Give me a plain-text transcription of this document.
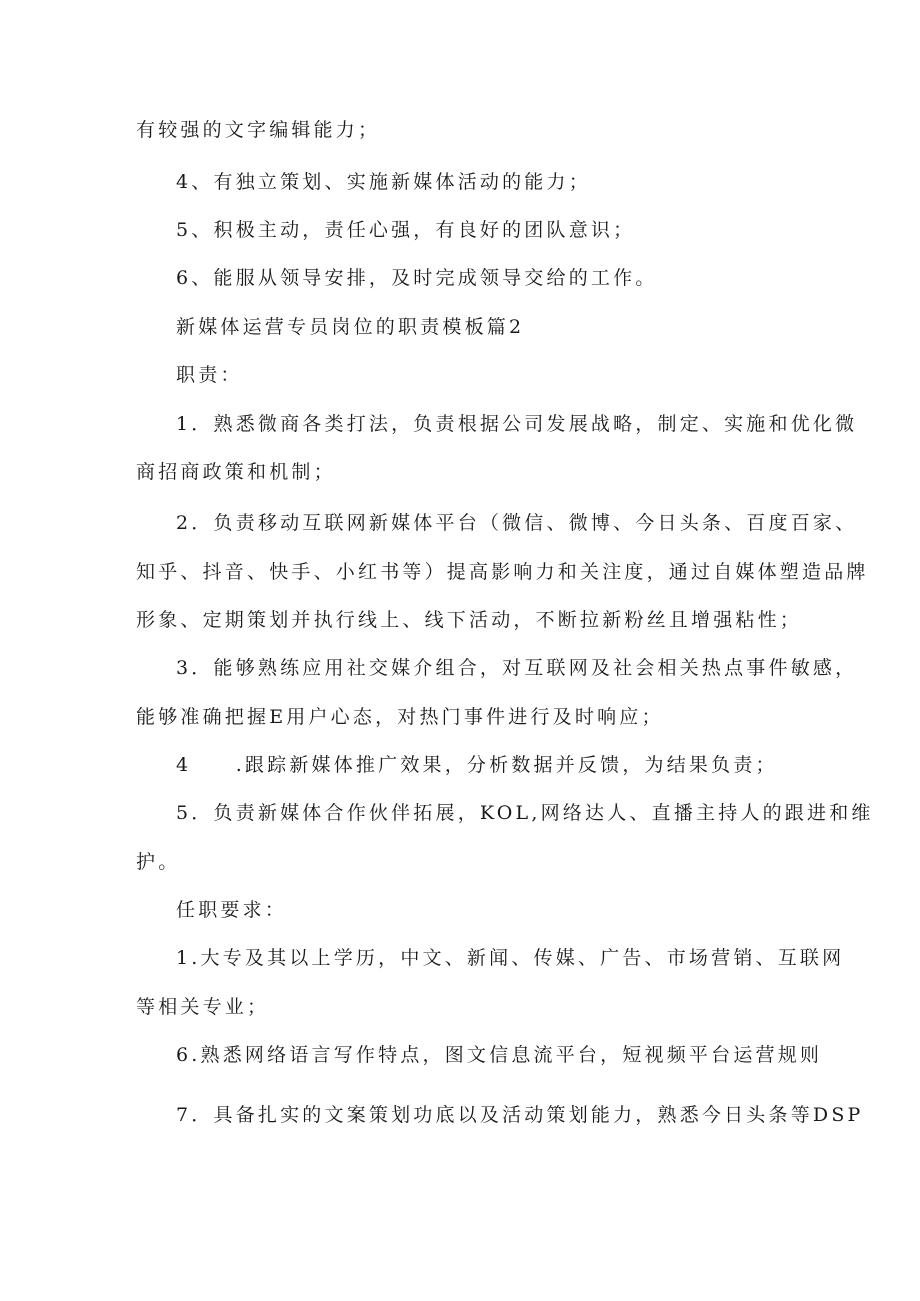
有较强的文字编辑能力；
4、有独立策划、实施新媒体活动的能力；
5、积极主动，责任心强，有良好的团队意识；
6、能服从领导安排，及时完成领导交给的工作。
新媒体运营专员岗位的职责模板篇2
职责：
1．熟悉微商各类打法，负责根据公司发展战略，制定、实施和优化微
商招商政策和机制；
2．负责移动互联网新媒体平台（微信、微博、今日头条、百度百家、
知乎、抖音、快手、小红书等）提高影响力和关注度，通过自媒体塑造品牌
形象、定期策划并执行线上、线下活动，不断拉新粉丝且增强粘性；
3．能够熟练应用社交媒介组合，对互联网及社会相关热点事件敏感，
能够准确把握E用户心态，对热门事件进行及时响应；
4　　.跟踪新媒体推广效果，分析数据并反馈，为结果负责；
5．负责新媒体合作伙伴拓展，KOL,网络达人、直播主持人的跟进和维
护。
任职要求：
1.大专及其以上学历，中文、新闻、传媒、广告、市场营销、互联网
等相关专业；
6.熟悉网络语言写作特点，图文信息流平台，短视频平台运营规则
7．具备扎实的文案策划功底以及活动策划能力，熟悉今日头条等DSP
